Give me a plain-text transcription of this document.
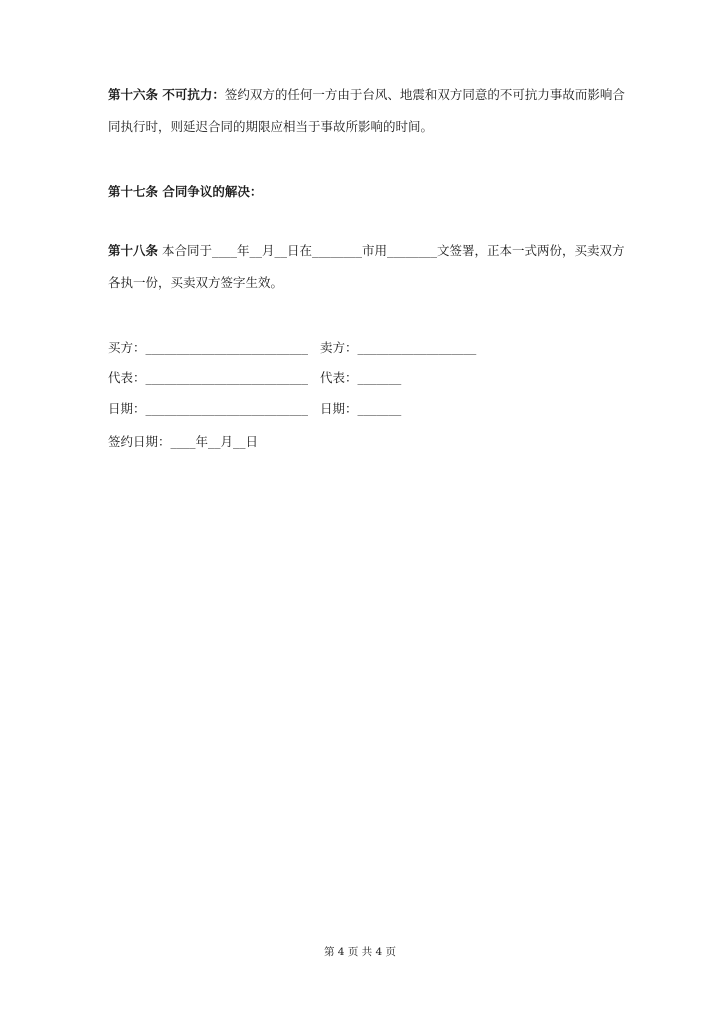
第十六条 不可抗力：签约双方的任何一方由于台风、地震和双方同意的不可抗力事故而影响合
同执行时，则延迟合同的期限应相当于事故所影响的时间。
第十七条 合同争议的解决：
第十八条 本合同于____年__月__日在________市用________文签署，正本一式两份，买卖双方
各执一份，买卖双方签字生效。
买方：__________________________ 卖方：___________________
代表：__________________________ 代表：_______
日期：__________________________ 日期：_______
签约日期：____年__月__日
第 4 页 共 4 页
